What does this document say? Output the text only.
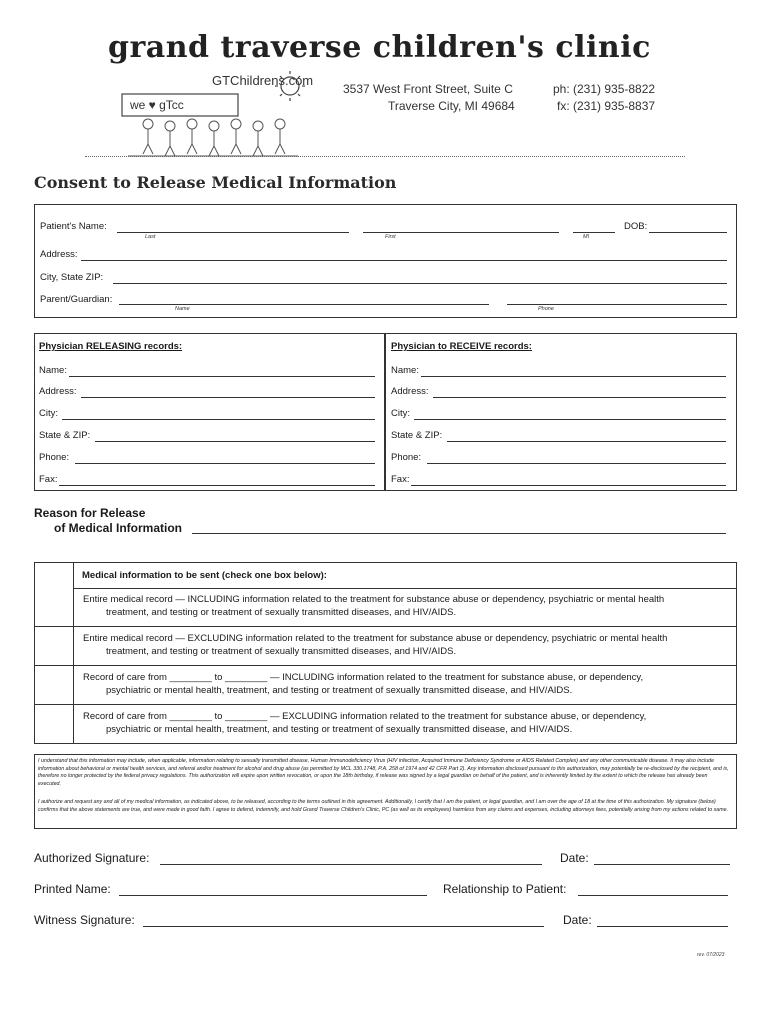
grand traverse children's clinic
GTChildrens.com
we ♥ gTcc
3537 West Front Street, Suite C
Traverse City, MI 49684
ph: (231) 935-8822
fx: (231) 935-8837
Consent to Release Medical Information
Patient's Name:
Last	First	MI
DOB:
Address:
City, State ZIP:
Parent/Guardian:
Name	Phone
Physician RELEASING records:
Name:
Address:
City:
State & ZIP:
Phone:
Fax:
Physician to RECEIVE records:
Name:
Address:
City:
State & ZIP:
Phone:
Fax:
Reason for Release
of Medical Information
Medical information to be sent (check one box below):
Entire medical record — INCLUDING information related to the treatment for substance abuse or dependency, psychiatric or mental health
treatment, and testing or treatment of sexually transmitted diseases, and HIV/AIDS.
Entire medical record — EXCLUDING information related to the treatment for substance abuse or dependency, psychiatric or mental health
treatment, and testing or treatment of sexually transmitted diseases, and HIV/AIDS.
Record of care from ________ to ________ — INCLUDING information related to the treatment for substance abuse, or dependency,
psychiatric or mental health, treatment, and testing or treatment of sexually transmitted disease, and HIV/AIDS.
Record of care from ________ to ________ — EXCLUDING information related to the treatment for substance abuse, or dependency,
psychiatric or mental health, treatment, and testing or treatment of sexually transmitted disease, and HIV/AIDS.
I understand that this information may include, when applicable, information relating to sexually transmitted disease, Human Immunodeficiency Virus (HIV infection, Acquired Immune Deficiency Syndrome or AIDS Related Complex) and any other communicable disease. It may also include information about behavioral or mental health services, and referral and/or treatment for alcohol and drug abuse (as permitted by MCL 330.1748, P.A. 258 of 1974 and 42 CFR Part 2). Any information disclosed pursuant to this authorization, may potentially be re-disclosed by the recipient, and is, therefore no longer protected by the federal privacy regulations. This authorization will expire upon written revocation, or upon the 18th birthday, if release was signed by a legal guardian on behalf of the patient, and is inherently limited by the extent to which the release has already been executed.
I authorize and request any and all of my medical information, as indicated above, to be released, according to the terms outlined in this agreement. Additionally, I certify that I am the patient, or legal guardian, and I am over the age of 18 at the time of this authorization. My signature (below) confirms that the above statements are true, and were made in good faith. I agree to defend, indemnify, and hold Grand Traverse Children's Clinic, PC (as well as its employees) harmless from any claims and expenses, including attorneys fees, potentially arising from my actions related to same.
Authorized Signature:	Date:
Printed Name:	Relationship to Patient:
Witness Signature:	Date:
rev. 07/2023
